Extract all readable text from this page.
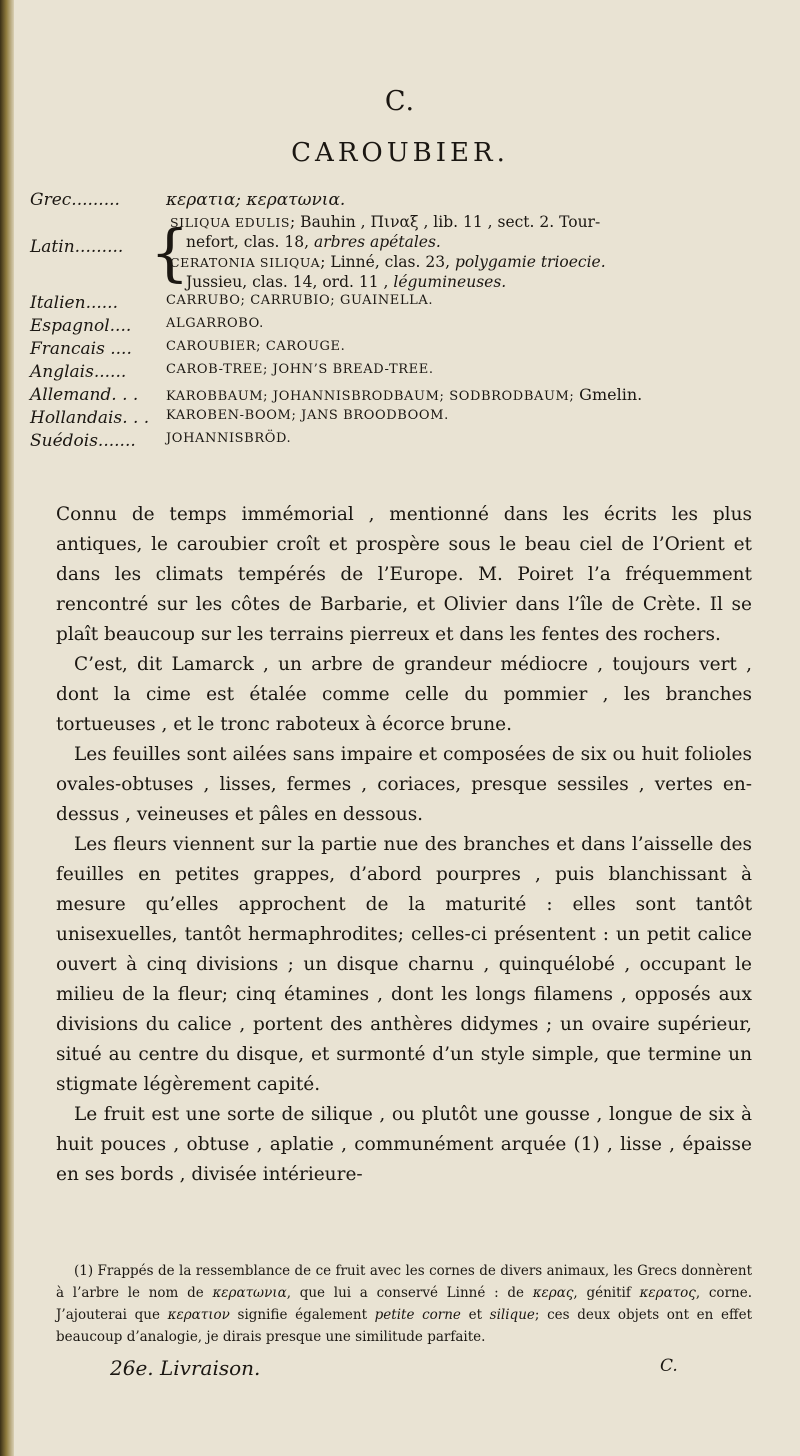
C.
CAROUBIER.
Grec.........	κερατια; κερατωνια.
Latin......... {
SILIQUA EDULIS; Bauhin , Πιναξ , lib. 11 , sect. 2. Tour-
nefort, clas. 18, arbres apétales.
CERATONIA SILIQUA; Linné, clas. 23, polygamie trioecie.
Jussieu, clas. 14, ord. 11 , légumineuses.
Italien......	CARRUBO; CARRUBIO; GUAINELLA.
Espagnol....	ALGARROBO.
Francais ....	CAROUBIER; CAROUGE.
Anglais......	CAROB-TREE; JOHN’S BREAD-TREE.
Allemand. . .	KAROBBAUM; JOHANNISBRODBAUM; SODBRODBAUM; Gmelin.
Hollandais. . . KAROBEN-BOOM; JANS BROODBOOM.
Suédois.......	JOHANNISBRÖD.

Connu de temps immémorial , mentionné dans les écrits les plus antiques, le caroubier croît et prospère sous le beau ciel de l’Orient et dans les climats tempérés de l’Europe. M. Poiret l’a fréquemment rencontré sur les côtes de Barbarie, et Olivier dans l’île de Crète. Il se plaît beaucoup sur les terrains pierreux et dans les fentes des rochers.

C’est, dit Lamarck , un arbre de grandeur médiocre , toujours vert , dont la cime est étalée comme celle du pommier , les branches tortueuses , et le tronc raboteux à écorce brune.

Les feuilles sont ailées sans impaire et composées de six ou huit folioles ovales-obtuses , lisses, fermes , coriaces, presque sessiles , vertes en-dessus , veineuses et pâles en dessous.

Les fleurs viennent sur la partie nue des branches et dans l’aisselle des feuilles en petites grappes, d’abord pourpres , puis blanchissant à mesure qu’elles approchent de la maturité : elles sont tantôt unisexuelles, tantôt hermaphrodites; celles-ci présentent : un petit calice ouvert à cinq divisions ; un disque charnu , quinquélobé , occupant le milieu de la fleur; cinq étamines , dont les longs filamens , opposés aux divisions du calice , portent des anthères didymes ; un ovaire supérieur, situé au centre du disque, et surmonté d’un style simple, que termine un stigmate légèrement capité.

Le fruit est une sorte de silique , ou plutôt une gousse , longue de six à huit pouces , obtuse , aplatie , communément arquée (1) , lisse , épaisse en ses bords , divisée intérieure-

(1) Frappés de la ressemblance de ce fruit avec les cornes de divers animaux, les Grecs donnèrent à l’arbre le nom de κερατωνια, que lui a conservé Linné : de κερας, génitif κερατος, corne. J’ajouterai que κερατιον signifie également petite corne et silique; ces deux objets ont en effet beaucoup d’analogie, je dirais presque une similitude parfaite.

26e. Livraison.	C.
